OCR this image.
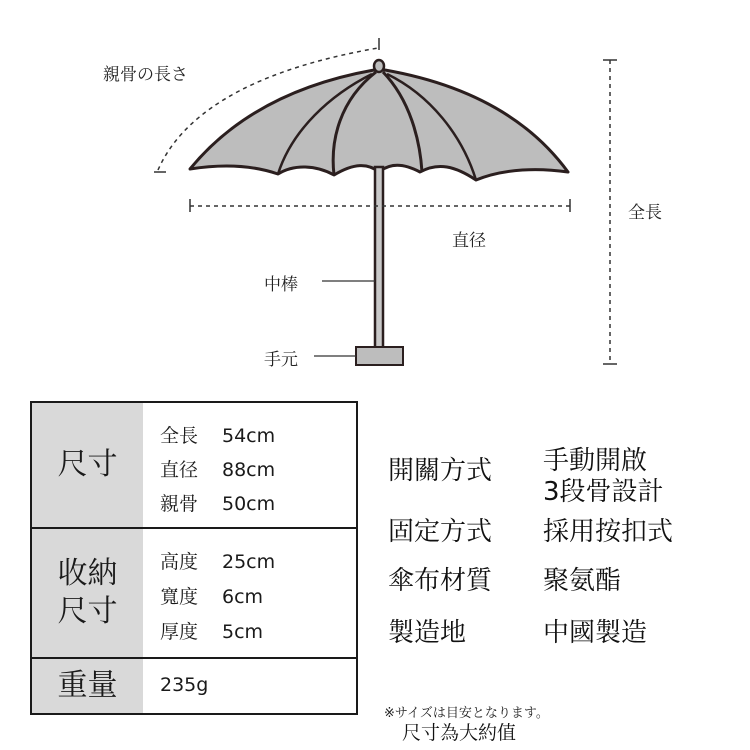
親骨の長さ
全長
直径
中棒
手元
尺寸
全長 54cm
直径 88cm
親骨 50cm
收納
尺寸
高度 25cm
寬度 6cm
厚度 5cm
重量	235g
開關方式 手動開啟
3段骨設計
固定方式 採用按扣式
傘布材質 聚氨酯
製造地	中國製造
※サイズは目安となります。
尺寸為大約值
